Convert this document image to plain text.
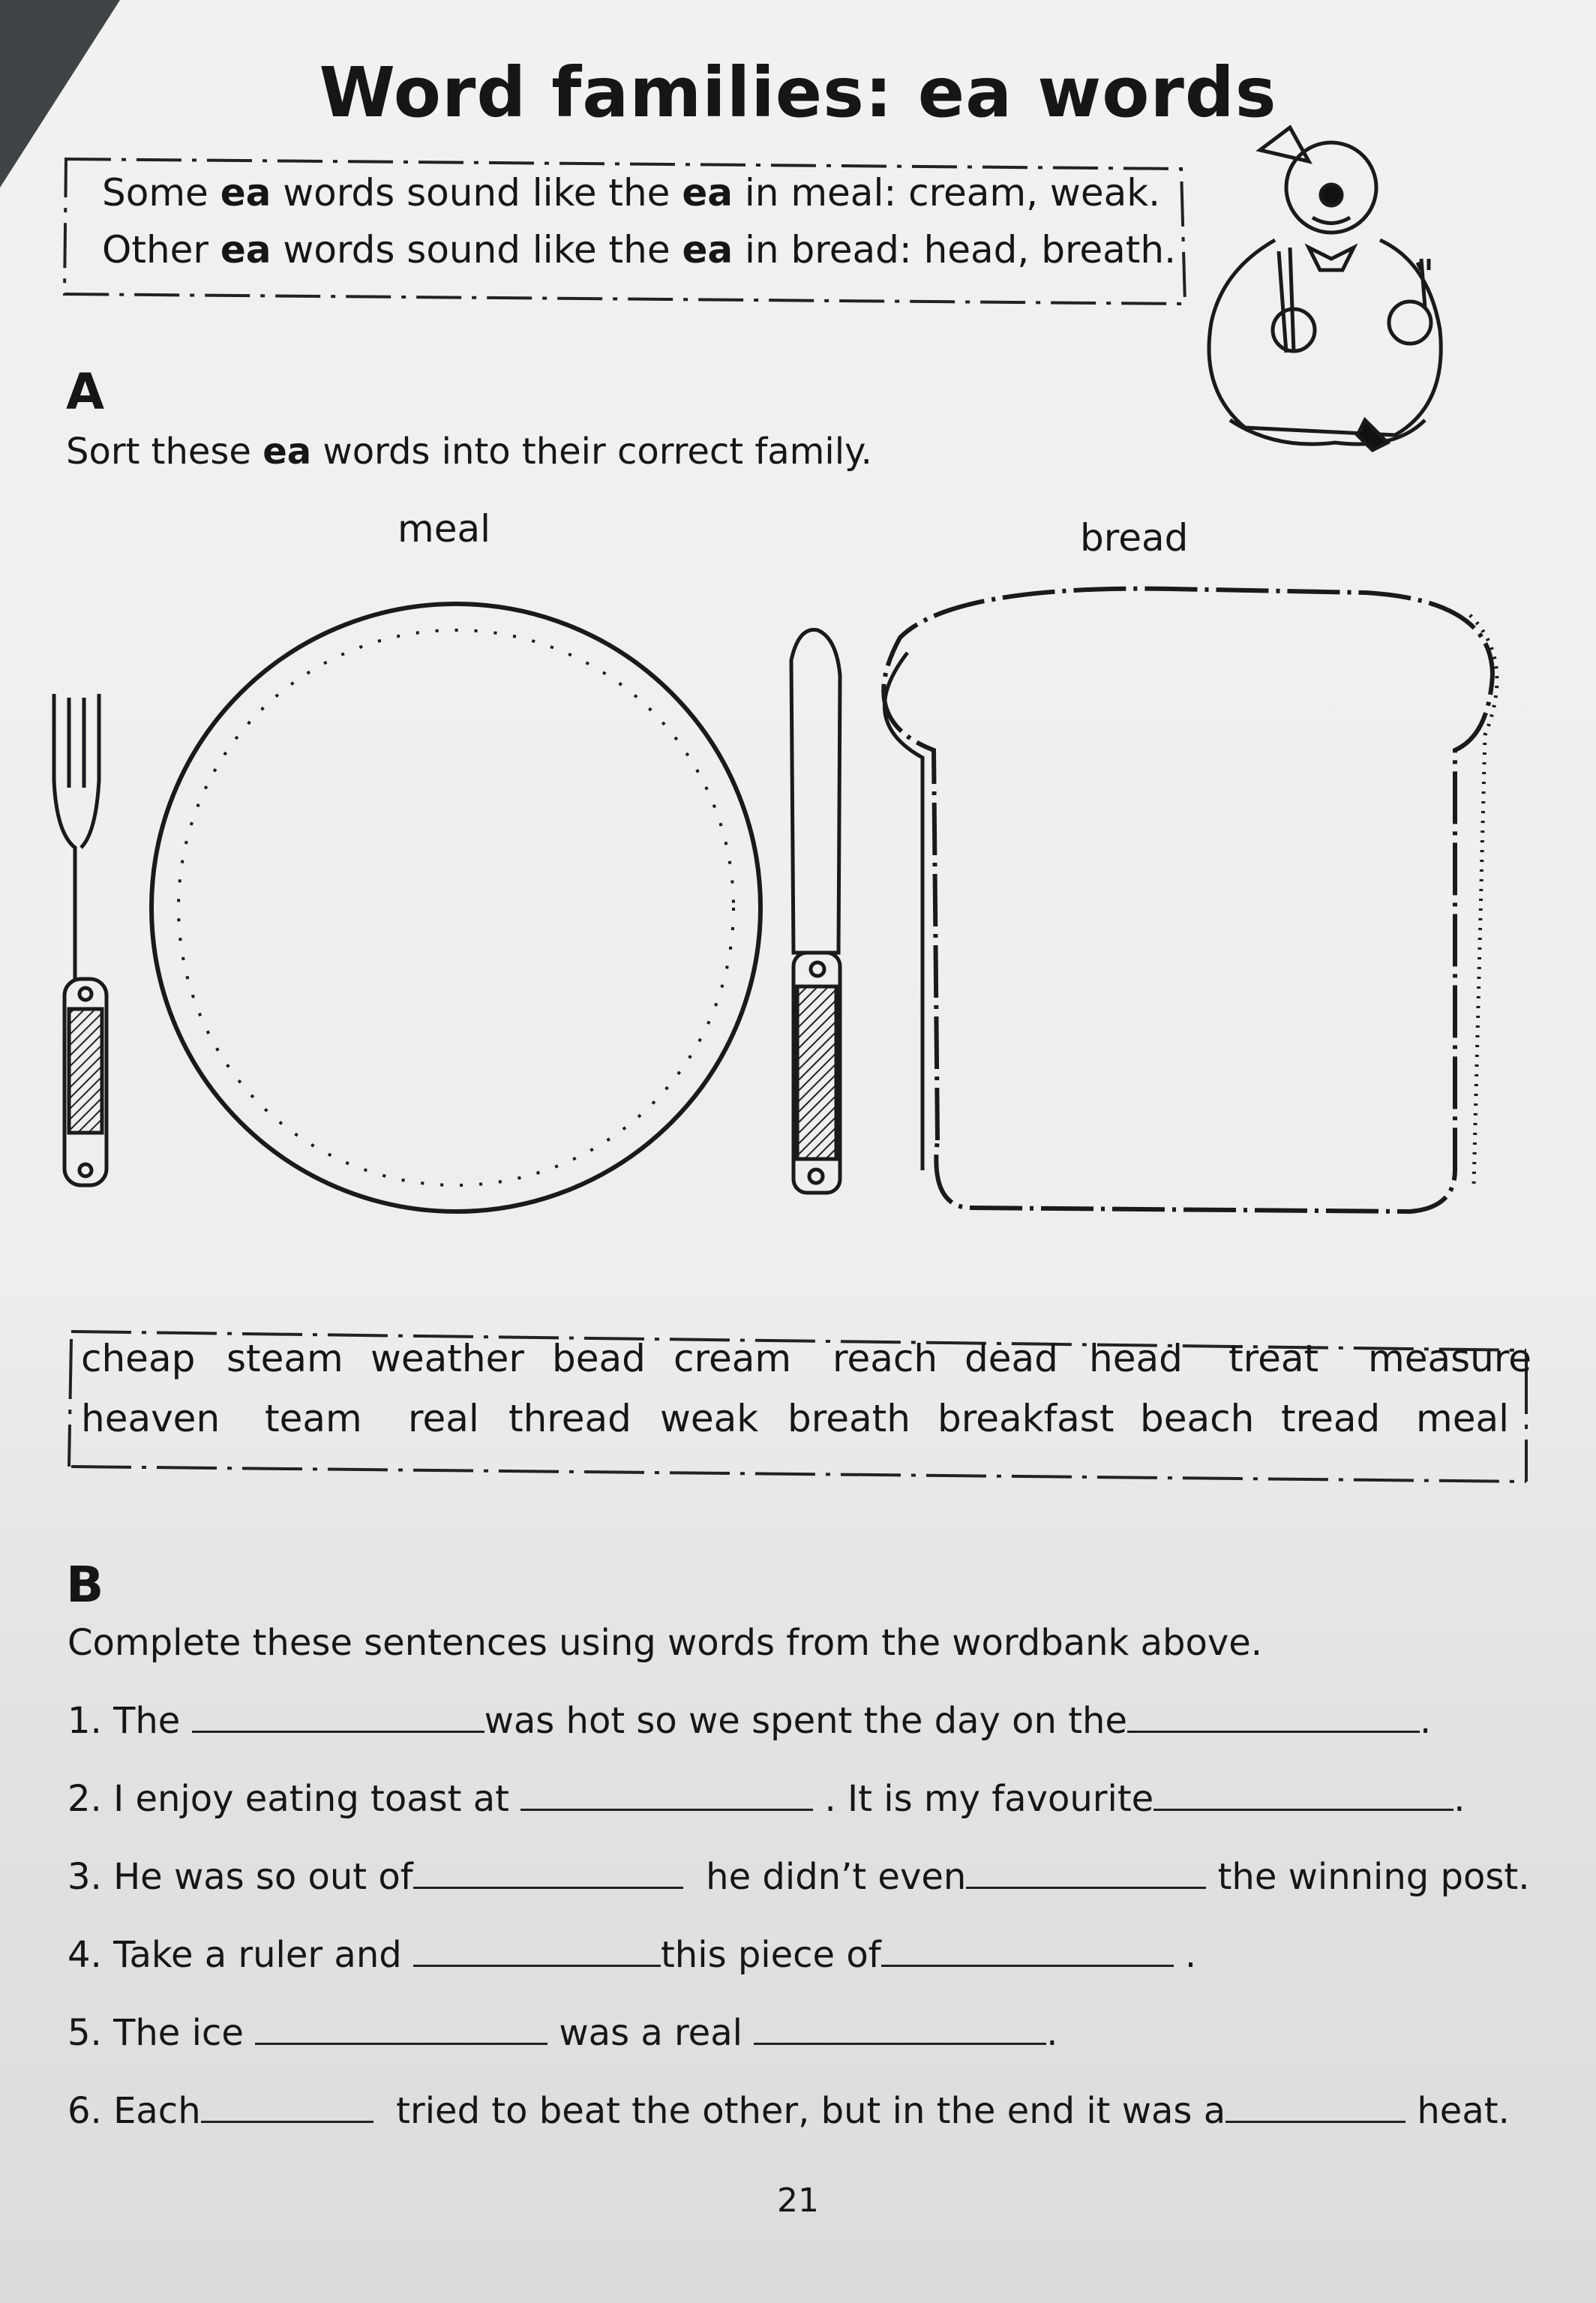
Word families: ea words
Some ea words sound like the ea in meal: cream, weak.
Other ea words sound like the ea in bread: head, breath.
A
Sort these ea words into their correct family.
meal	bread
cheap steam weather bead cream reach dead head treat measure
heaven team real thread weak breath breakfast beach tread meal
B
Complete these sentences using words from the wordbank above.
1. The	was hot so we spent the day on the	.
2. I enjoy eating toast at	. It is my favourite	.
3. He was so out of	he didn’t even	the winning post.
4. Take a ruler and	this piece of	.
5. The ice	was a real	.
6. Each	tried to beat the other, but in the end it was a	heat.
21
